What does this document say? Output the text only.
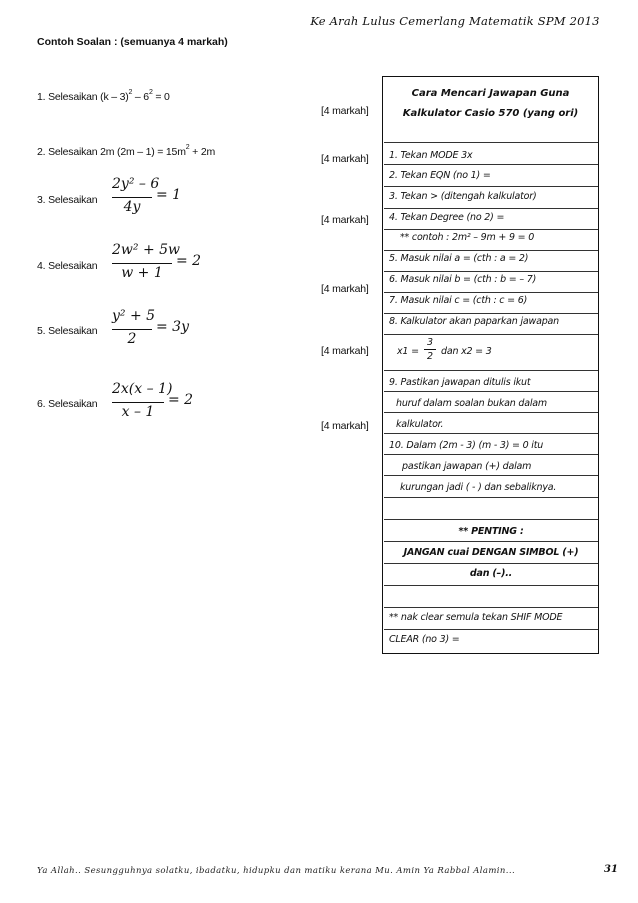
Ke Arah Lulus Cemerlang Matematik SPM 2013
Contoh Soalan : (semuanya 4 markah)
1. Selesaikan $(k - 3)^2 - 6^2 = 0$
[4 markah]
2. Selesaikan 2m $(2m - 1) = 15m^2 + 2m$
[4 markah]
3. Selesaikan
2y² – 6
4y
= 1
[4 markah]
4. Selesaikan
2w² + 5w
w + 1
= 2
[4 markah]
5. Selesaikan
y² + 5
2
= 3y
[4 markah]
6. Selesaikan
2x(x – 1)
x – 1
= 2
[4 markah]
Cara Mencari Jawapan Guna
Kalkulator Casio 570 (yang ori)
1. Tekan MODE 3x
2. Tekan EQN (no 1) =
3. Tekan > (ditengah kalkulator)
4. Tekan Degree (no 2) =
** contoh : 2m² – 9m + 9 = 0
5. Masuk nilai a = (cth : a = 2)
6. Masuk nilai b = (cth : b = – 7)
7. Masuk nilai c = (cth : c = 6)
8. Kalkulator akan paparkan jawapan
x1 =
3
2 dan x2 = 3
9. Pastikan jawapan ditulis ikut
huruf dalam soalan bukan dalam
kalkulator.
10. Dalam (2m - 3) (m - 3) = 0 itu
pastikan jawapan (+) dalam
kurungan jadi ( - ) dan sebaliknya.
** PENTING :
JANGAN cuai DENGAN SIMBOL (+)
dan (–)..
** nak clear semula tekan SHIF MODE
CLEAR (no 3) =
Ya Allah.. Sesungguhnya solatku, ibadatku, hidupku dan matiku kerana Mu. Amin Ya Rabbal Alamin...	31
